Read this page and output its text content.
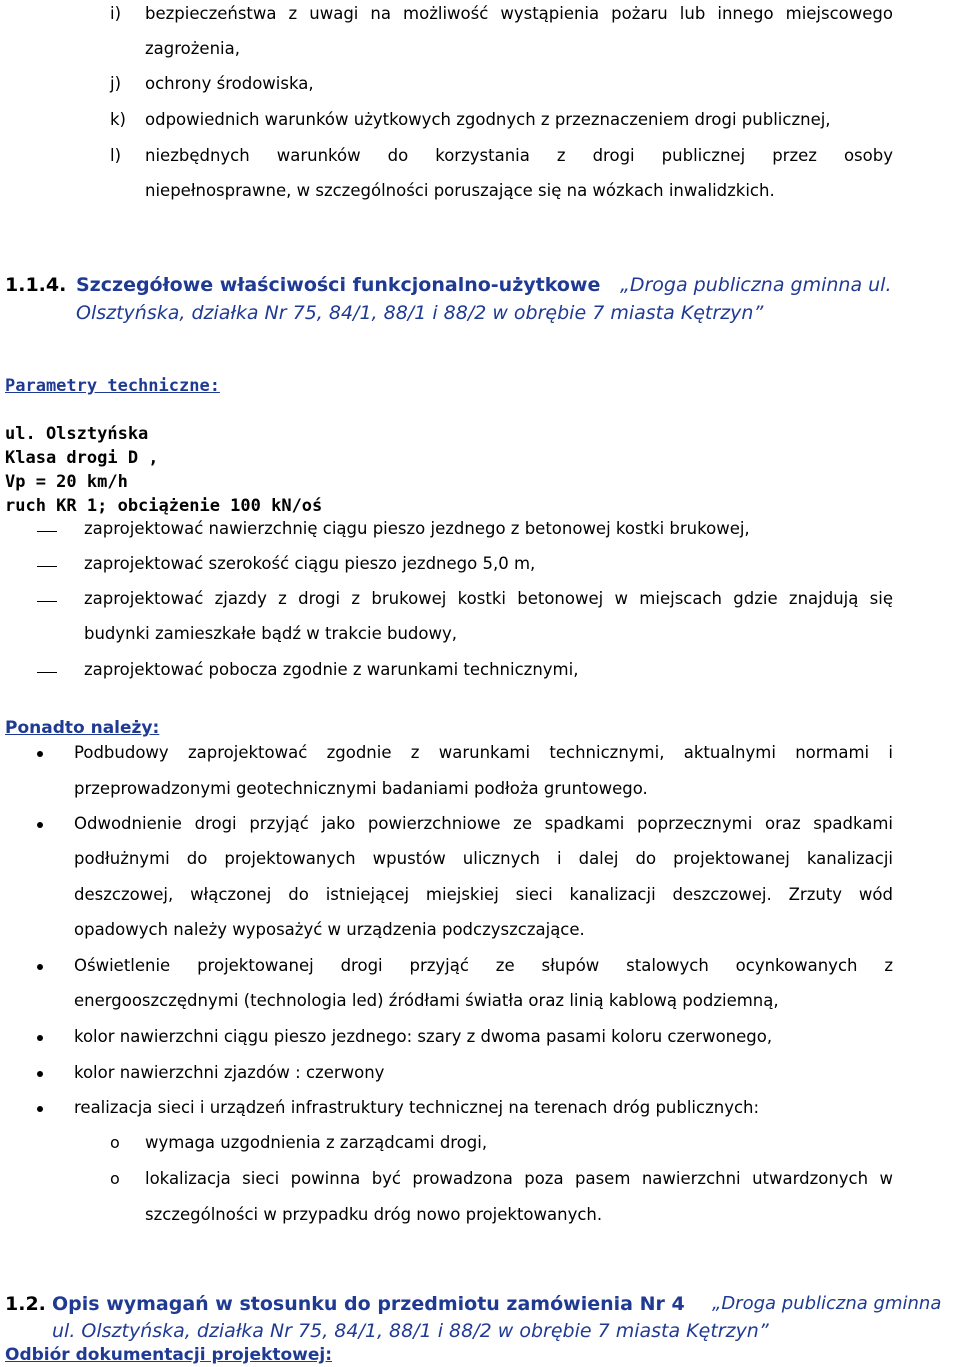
i) bezpieczeństwa z uwagi na możliwość wystąpienia pożaru lub innego miejscowego
zagrożenia,
j) ochrony środowiska,
k) odpowiednich warunków użytkowych zgodnych z przeznaczeniem drogi publicznej,
l) niezbędnych warunków do korzystania z drogi publicznej przez osoby
niepełnosprawne, w szczególności poruszające się na wózkach inwalidzkich.
1.1.4. Szczegółowe właściwości funkcjonalno-użytkowe „Droga publiczna gminna ul.
Olsztyńska, działka Nr 75, 84/1, 88/1 i 88/2 w obrębie 7 miasta Kętrzyn”
Parametry techniczne:
ul. Olsztyńska
Klasa drogi D ,
Vp = 20 km/h
ruch KR 1; obciążenie 100 kN/oś
zaprojektować nawierzchnię ciągu pieszo jezdnego z betonowej kostki brukowej,
zaprojektować szerokość ciągu pieszo jezdnego 5,0 m,
zaprojektować zjazdy z drogi z brukowej kostki betonowej w miejscach gdzie znajdują się
budynki zamieszkałe bądź w trakcie budowy,
zaprojektować pobocza zgodnie z warunkami technicznymi,
Ponadto należy:
Podbudowy zaprojektować zgodnie z warunkami technicznymi, aktualnymi normami i
przeprowadzonymi geotechnicznymi badaniami podłoża gruntowego.
Odwodnienie drogi przyjąć jako powierzchniowe ze spadkami poprzecznymi oraz spadkami
podłużnymi do projektowanych wpustów ulicznych i dalej do projektowanej kanalizacji
deszczowej, włączonej do istniejącej miejskiej sieci kanalizacji deszczowej. Zrzuty wód
opadowych należy wyposażyć w urządzenia podczyszczające.
Oświetlenie projektowanej drogi przyjąć ze słupów stalowych ocynkowanych z
energooszczędnymi (technologia led) źródłami światła oraz linią kablową podziemną,
kolor nawierzchni ciągu pieszo jezdnego: szary z dwoma pasami koloru czerwonego,
kolor nawierzchni zjazdów : czerwony
realizacja sieci i urządzeń infrastruktury technicznej na terenach dróg publicznych:
o wymaga uzgodnienia z zarządcami drogi,
o lokalizacja sieci powinna być prowadzona poza pasem nawierzchni utwardzonych w
szczególności w przypadku dróg nowo projektowanych.
1.2. Opis wymagań w stosunku do przedmiotu zamówienia Nr 4 „Droga publiczna gminna
ul. Olsztyńska, działka Nr 75, 84/1, 88/1 i 88/2 w obrębie 7 miasta Kętrzyn”
Odbiór dokumentacji projektowej:
